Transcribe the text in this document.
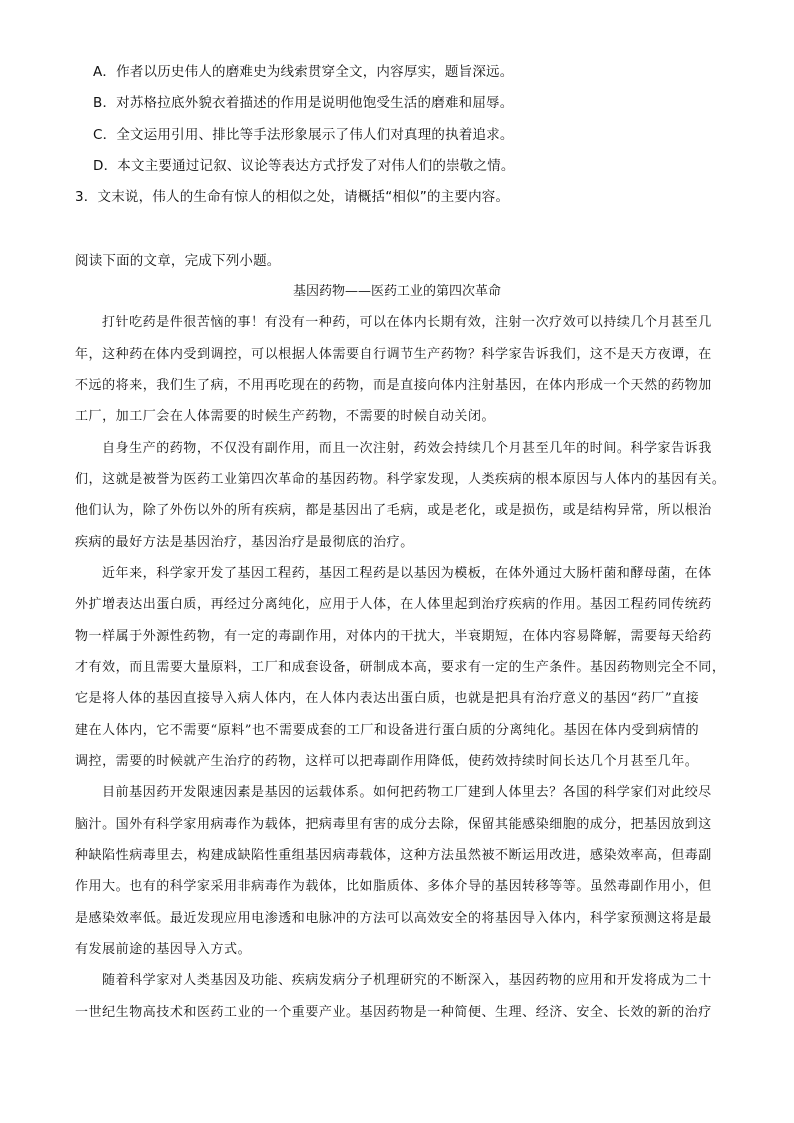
A．作者以历史伟人的磨难史为线索贯穿全文，内容厚实，题旨深远。
B．对苏格拉底外貌衣着描述的作用是说明他饱受生活的磨难和屈辱。
C．全文运用引用、排比等手法形象展示了伟人们对真理的执着追求。
D．本文主要通过记叙、议论等表达方式抒发了对伟人们的崇敬之情。
3．文末说，伟人的生命有惊人的相似之处，请概括“相似”的主要内容。
阅读下面的文章，完成下列小题。
基因药物——医药工业的第四次革命
打针吃药是件很苦恼的事！有没有一种药，可以在体内长期有效，注射一次疗效可以持续几个月甚至几
年，这种药在体内受到调控，可以根据人体需要自行调节生产药物？科学家告诉我们，这不是天方夜谭，在
不远的将来，我们生了病，不用再吃现在的药物，而是直接向体内注射基因，在体内形成一个天然的药物加
工厂，加工厂会在人体需要的时候生产药物，不需要的时候自动关闭。
自身生产的药物，不仅没有副作用，而且一次注射，药效会持续几个月甚至几年的时间。科学家告诉我
们，这就是被誉为医药工业第四次革命的基因药物。科学家发现，人类疾病的根本原因与人体内的基因有关。
他们认为，除了外伤以外的所有疾病，都是基因出了毛病，或是老化，或是损伤，或是结构异常，所以根治
疾病的最好方法是基因治疗，基因治疗是最彻底的治疗。
近年来，科学家开发了基因工程药，基因工程药是以基因为模板，在体外通过大肠杆菌和酵母菌，在体
外扩增表达出蛋白质，再经过分离纯化，应用于人体，在人体里起到治疗疾病的作用。基因工程药同传统药
物一样属于外源性药物，有一定的毒副作用，对体内的干扰大，半衰期短，在体内容易降解，需要每天给药
才有效，而且需要大量原料，工厂和成套设备，研制成本高，要求有一定的生产条件。基因药物则完全不同，
它是将人体的基因直接导入病人体内，在人体内表达出蛋白质，也就是把具有治疗意义的基因“药厂”直接
建在人体内，它不需要“原料”也不需要成套的工厂和设备进行蛋白质的分离纯化。基因在体内受到病情的
调控，需要的时候就产生治疗的药物，这样可以把毒副作用降低，使药效持续时间长达几个月甚至几年。
目前基因药开发限速因素是基因的运载体系。如何把药物工厂建到人体里去？各国的科学家们对此绞尽
脑汁。国外有科学家用病毒作为载体，把病毒里有害的成分去除，保留其能感染细胞的成分，把基因放到这
种缺陷性病毒里去，构建成缺陷性重组基因病毒载体，这种方法虽然被不断运用改进，感染效率高，但毒副
作用大。也有的科学家采用非病毒作为载体，比如脂质体、多体介导的基因转移等等。虽然毒副作用小，但
是感染效率低。最近发现应用电渗透和电脉冲的方法可以高效安全的将基因导入体内，科学家预测这将是最
有发展前途的基因导入方式。
随着科学家对人类基因及功能、疾病发病分子机理研究的不断深入，基因药物的应用和开发将成为二十
一世纪生物高技术和医药工业的一个重要产业。基因药物是一种简便、生理、经济、安全、长效的新的治疗
